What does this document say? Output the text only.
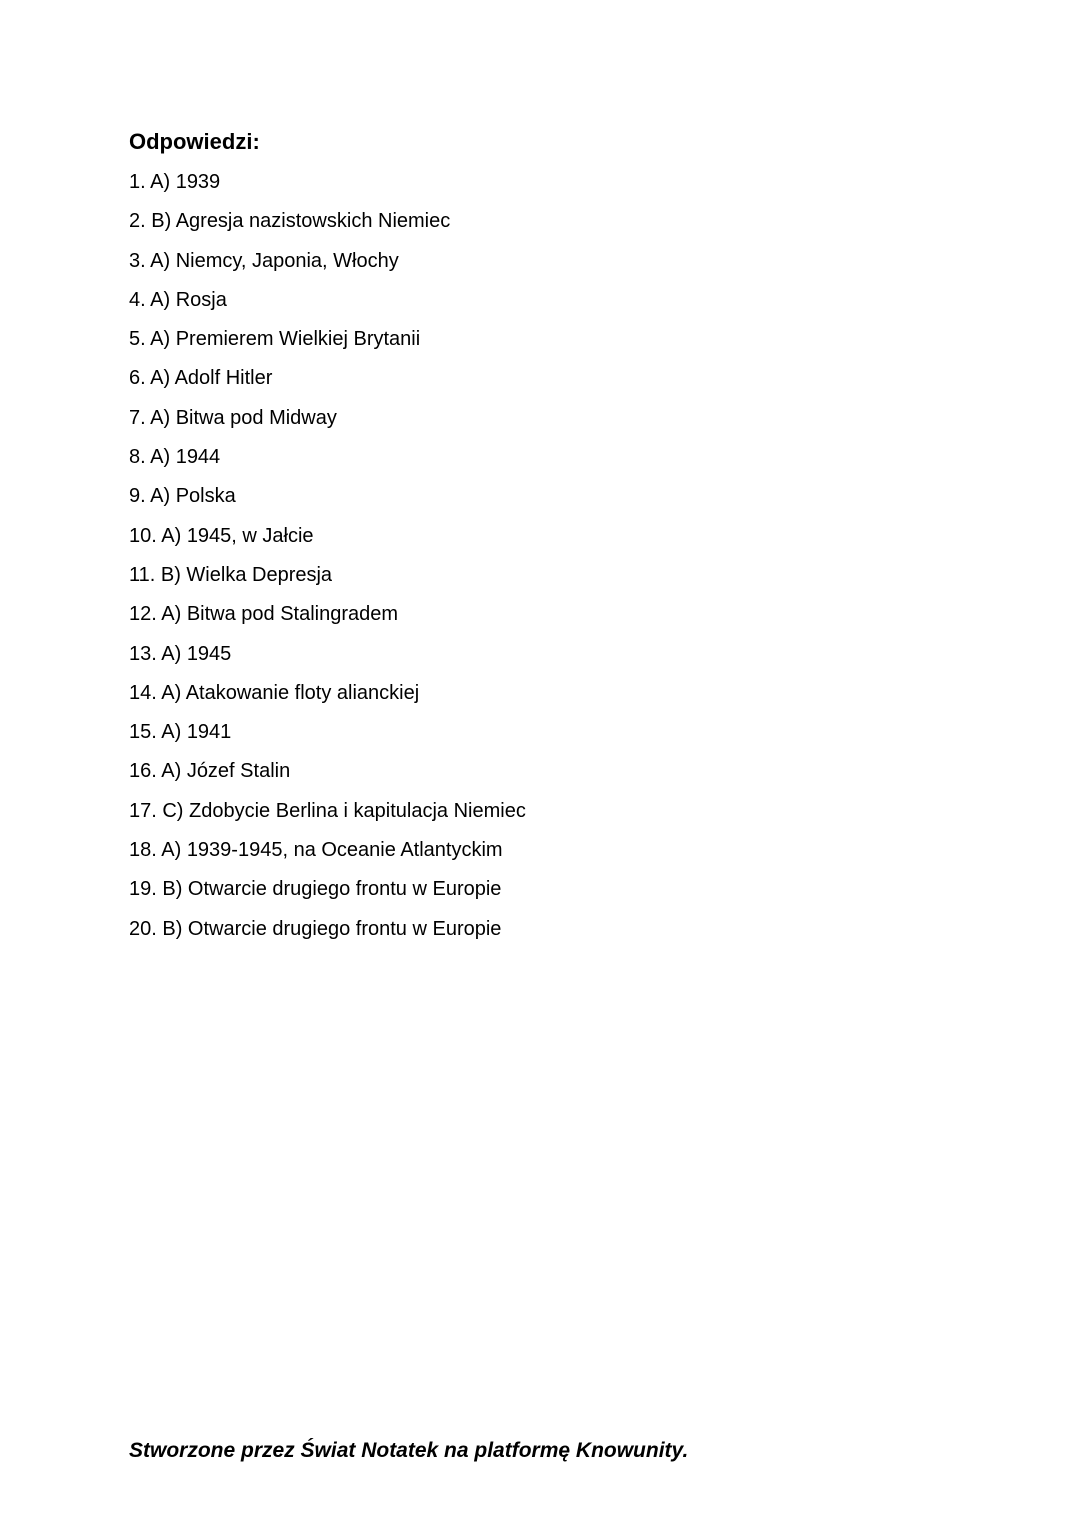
Odpowiedzi:
1. A) 1939
2. B) Agresja nazistowskich Niemiec
3. A) Niemcy, Japonia, Włochy
4. A) Rosja
5. A) Premierem Wielkiej Brytanii
6. A) Adolf Hitler
7. A) Bitwa pod Midway
8. A) 1944
9. A) Polska
10. A) 1945, w Jałcie
11. B) Wielka Depresja
12. A) Bitwa pod Stalingradem
13. A) 1945
14. A) Atakowanie floty alianckiej
15. A) 1941
16. A) Józef Stalin
17. C) Zdobycie Berlina i kapitulacja Niemiec
18. A) 1939-1945, na Oceanie Atlantyckim
19. B) Otwarcie drugiego frontu w Europie
20. B) Otwarcie drugiego frontu w Europie
Stworzone przez Świat Notatek na platformę Knowunity.
